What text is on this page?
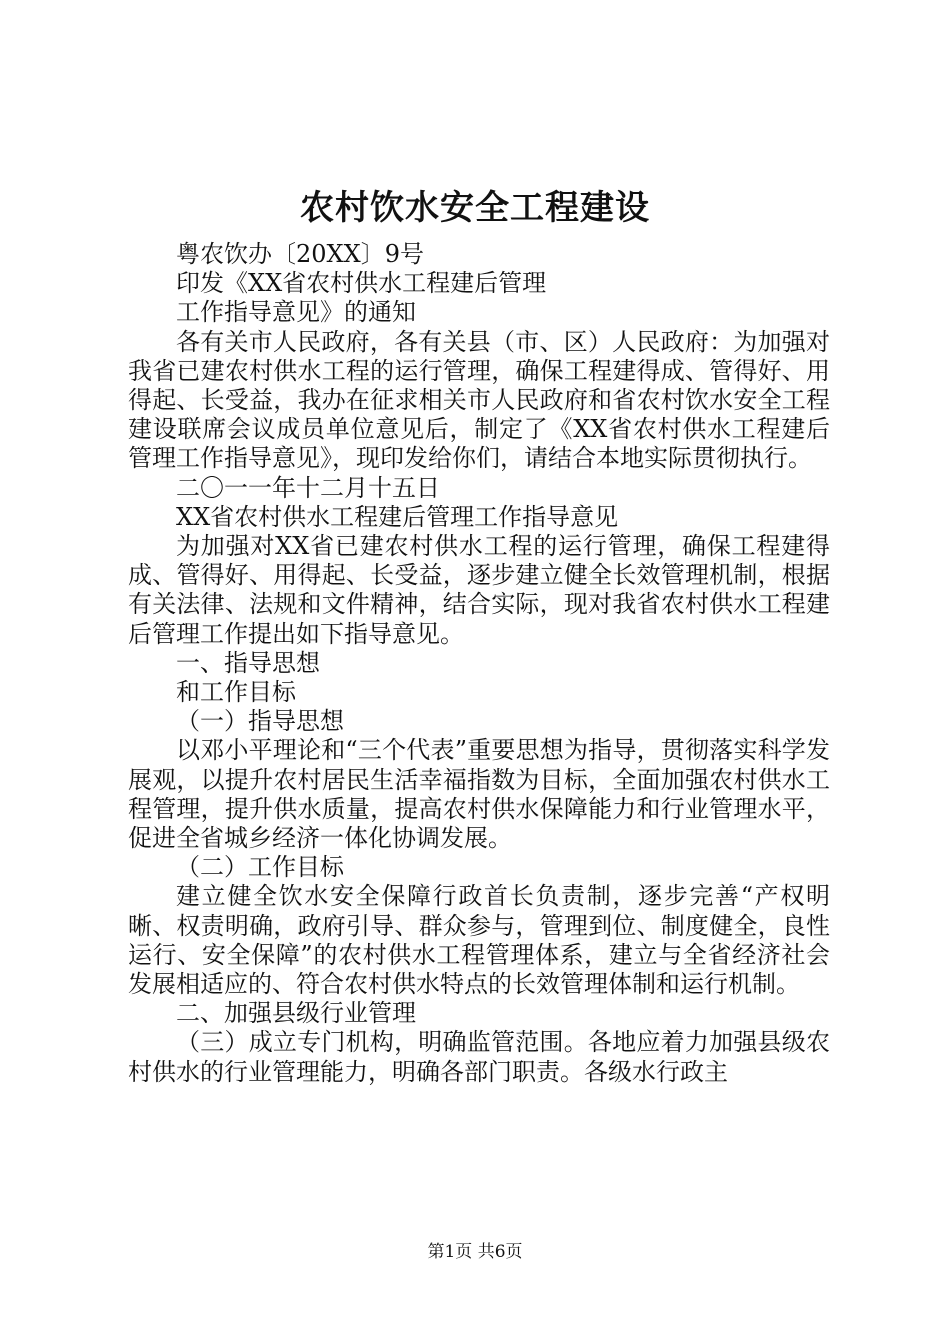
农村饮水安全工程建设

粤农饮办〔20XX〕9号

印发《XX省农村供水工程建后管理

工作指导意见》的通知

各有关市人民政府，各有关县（市、区）人民政府：为加强对我省已建农村供水工程的运行管理，确保工程建得成、管得好、用得起、长受益，我办在征求相关市人民政府和省农村饮水安全工程建设联席会议成员单位意见后，制定了《XX省农村供水工程建后管理工作指导意见》，现印发给你们，请结合本地实际贯彻执行。

二〇一一年十二月十五日

XX省农村供水工程建后管理工作指导意见

为加强对XX省已建农村供水工程的运行管理，确保工程建得成、管得好、用得起、长受益，逐步建立健全长效管理机制，根据有关法律、法规和文件精神，结合实际，现对我省农村供水工程建后管理工作提出如下指导意见。

一、指导思想

和工作目标

（一）指导思想

以邓小平理论和“三个代表”重要思想为指导，贯彻落实科学发展观，以提升农村居民生活幸福指数为目标，全面加强农村供水工程管理，提升供水质量，提高农村供水保障能力和行业管理水平，促进全省城乡经济一体化协调发展。

（二）工作目标

建立健全饮水安全保障行政首长负责制，逐步完善“产权明晰、权责明确，政府引导、群众参与，管理到位、制度健全，良性运行、安全保障”的农村供水工程管理体系，建立与全省经济社会发展相适应的、符合农村供水特点的长效管理体制和运行机制。

二、加强县级行业管理

（三）成立专门机构，明确监管范围。各地应着力加强县级农村供水的行业管理能力，明确各部门职责。各级水行政主

第1页 共6页
